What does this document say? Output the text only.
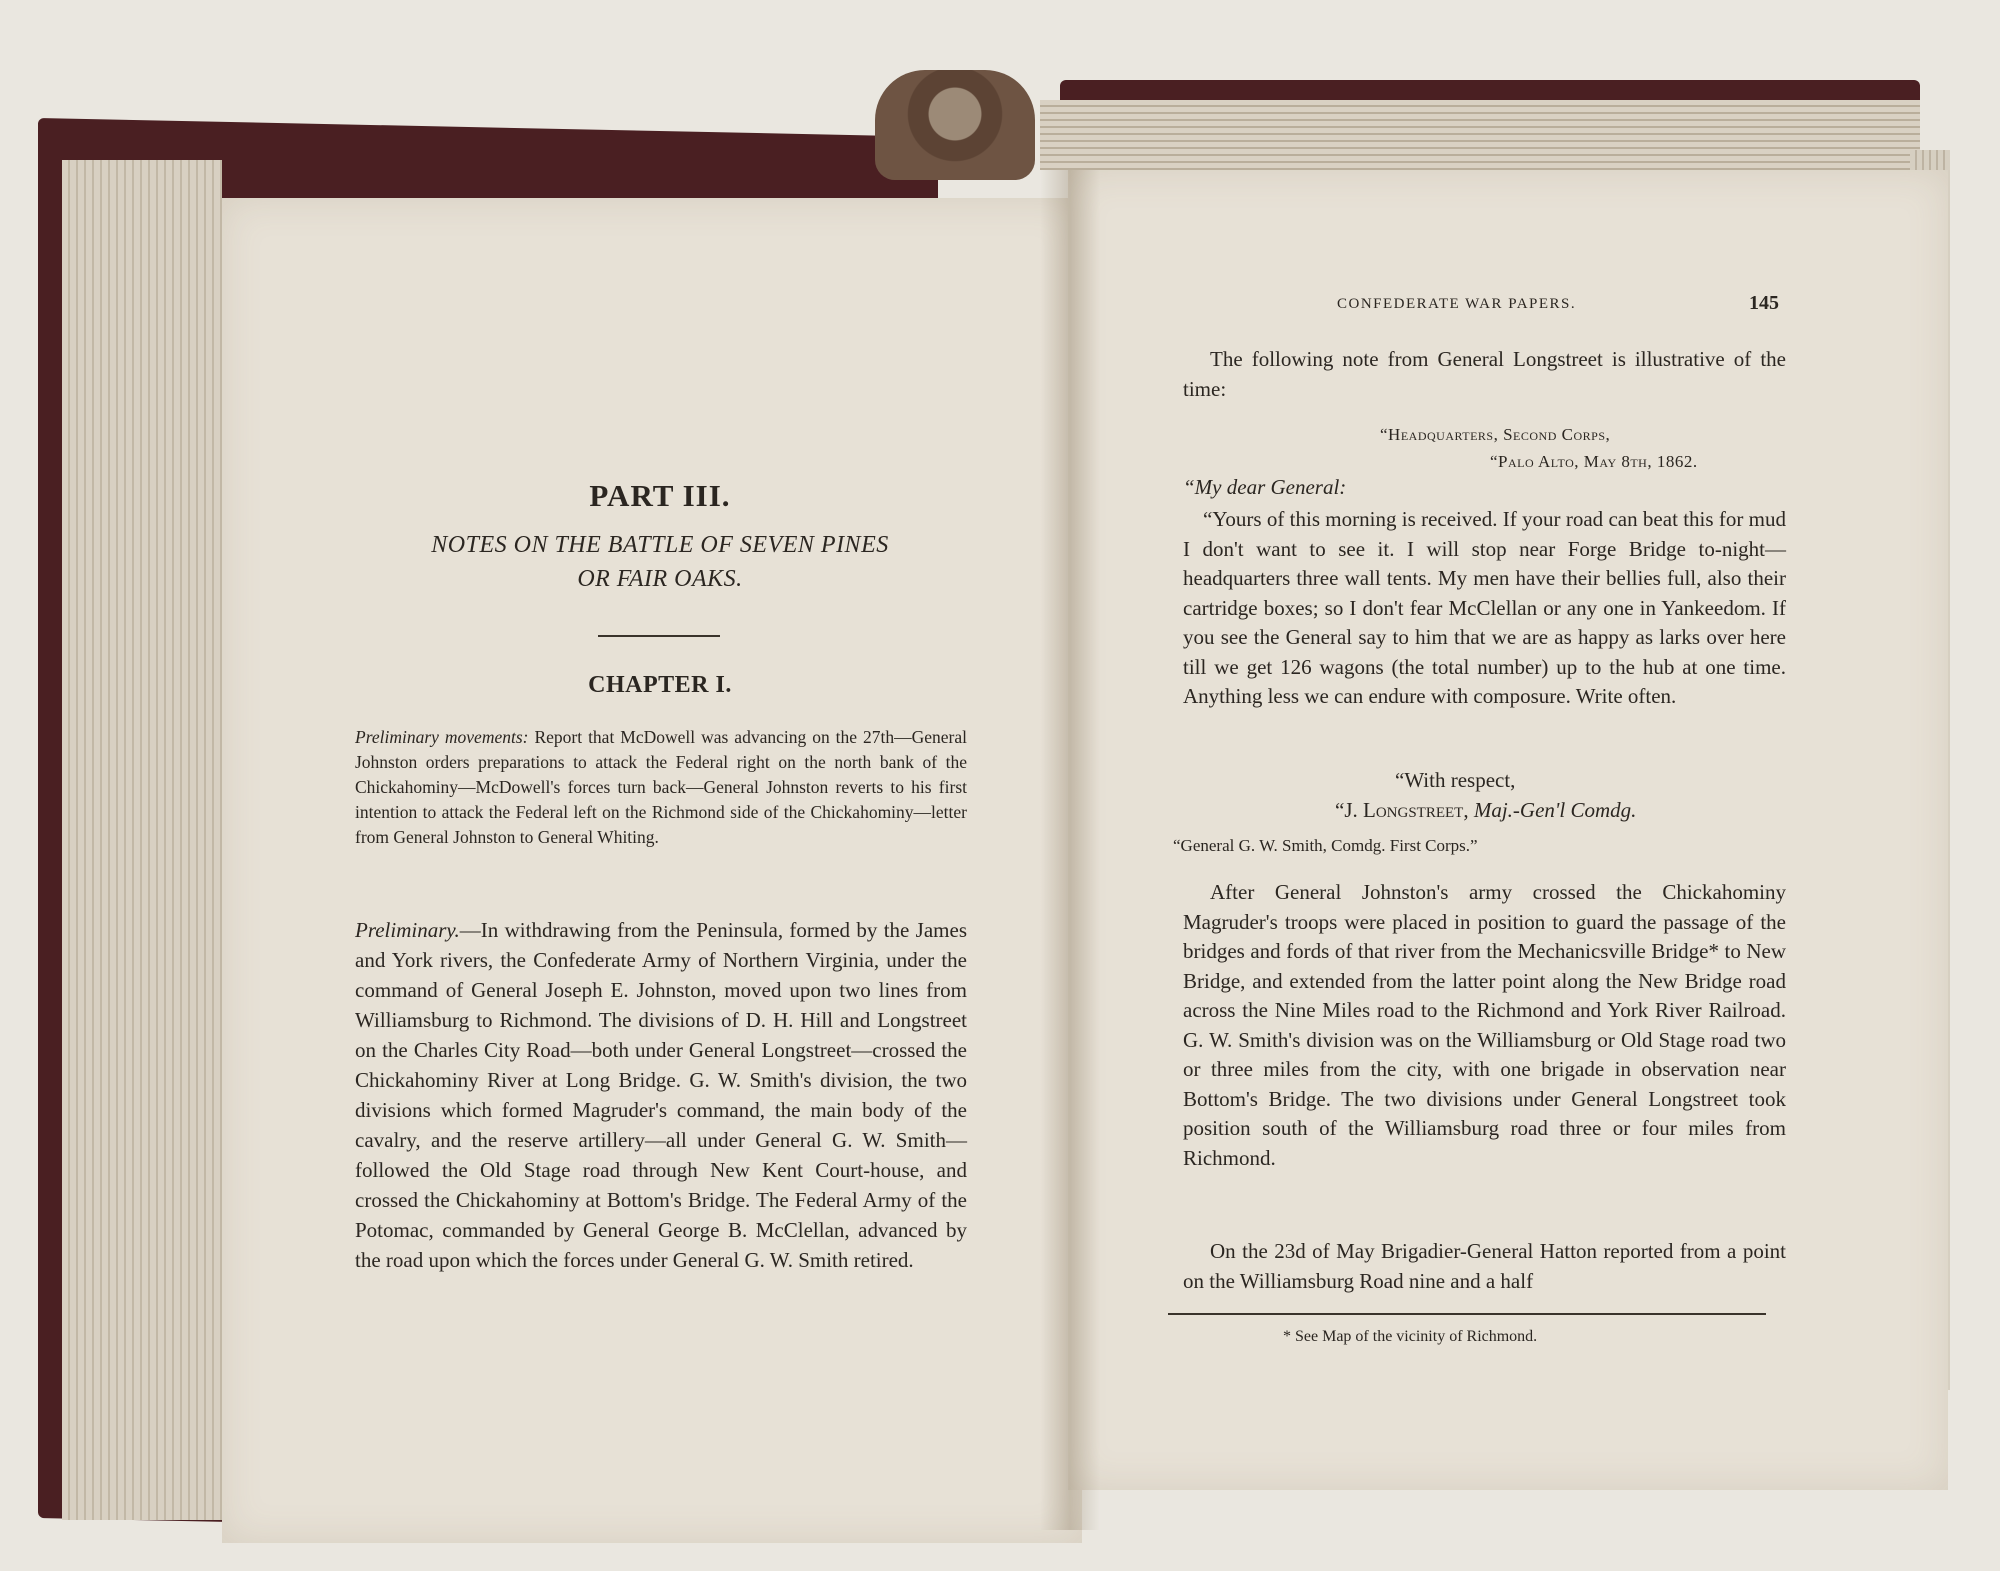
PART III.
NOTES ON THE BATTLE OF SEVEN PINES
OR FAIR OAKS.
CHAPTER I.

Preliminary movements: Report that McDowell was advancing on the 27th—General Johnston orders preparations to attack the Federal right on the north bank of the Chickahominy—McDowell's forces turn back—General Johnston reverts to his first intention to attack the Federal left on the Richmond side of the Chickahominy—letter from General Johnston to General Whiting.

Preliminary.—In withdrawing from the Peninsula, formed by the James and York rivers, the Confederate Army of Northern Virginia, under the command of General Joseph E. Johnston, moved upon two lines from Williamsburg to Richmond. The divisions of D. H. Hill and Longstreet on the Charles City Road—both under General Longstreet—crossed the Chickahominy River at Long Bridge. G. W. Smith's division, the two divisions which formed Magruder's command, the main body of the cavalry, and the reserve artillery—all under General G. W. Smith—followed the Old Stage road through New Kent Court-house, and crossed the Chickahominy at Bottom's Bridge. The Federal Army of the Potomac, commanded by General George B. McClellan, advanced by the road upon which the forces under General G. W. Smith retired.

CONFEDERATE WAR PAPERS.	145

The following note from General Longstreet is illustrative of the time:

“Headquarters, Second Corps,
“Palo Alto, May 8th, 1862.
“My dear General:

“Yours of this morning is received. If your road can beat this for mud I don't want to see it. I will stop near Forge Bridge to-night—headquarters three wall tents. My men have their bellies full, also their cartridge boxes; so I don't fear McClellan or any one in Yankeedom. If you see the General say to him that we are as happy as larks over here till we get 126 wagons (the total number) up to the hub at one time. Anything less we can endure with composure. Write often.

“With respect,
“J. Longstreet, Maj.-Gen'l Comdg.
“General G. W. Smith, Comdg. First Corps.”

After General Johnston's army crossed the Chickahominy Magruder's troops were placed in position to guard the passage of the bridges and fords of that river from the Mechanicsville Bridge* to New Bridge, and extended from the latter point along the New Bridge road across the Nine Miles road to the Richmond and York River Railroad. G. W. Smith's division was on the Williamsburg or Old Stage road two or three miles from the city, with one brigade in observation near Bottom's Bridge. The two divisions under General Longstreet took position south of the Williamsburg road three or four miles from Richmond.

On the 23d of May Brigadier-General Hatton reported from a point on the Williamsburg Road nine and a half

* See Map of the vicinity of Richmond.
